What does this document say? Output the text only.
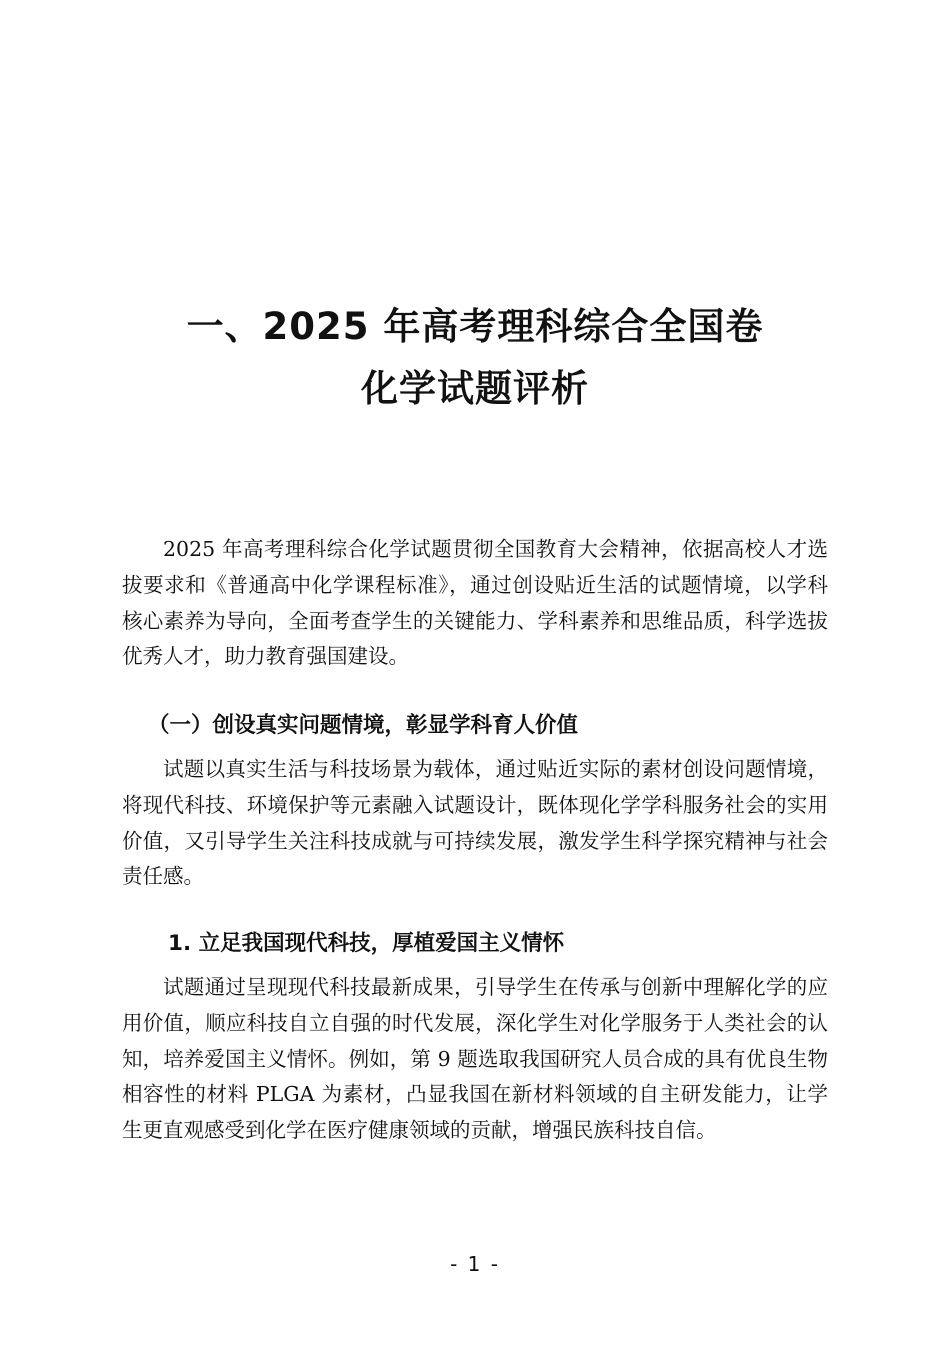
一、2025 年高考理科综合全国卷
化学试题评析

2025 年高考理科综合化学试题贯彻全国教育大会精神，依据高校人才选拔要求和《普通高中化学课程标准》，通过创设贴近生活的试题情境，以学科核心素养为导向，全面考查学生的关键能力、学科素养和思维品质，科学选拔优秀人才，助力教育强国建设。

（一）创设真实问题情境，彰显学科育人价值

试题以真实生活与科技场景为载体，通过贴近实际的素材创设问题情境，将现代科技、环境保护等元素融入试题设计，既体现化学学科服务社会的实用价值，又引导学生关注科技成就与可持续发展，激发学生科学探究精神与社会责任感。

1. 立足我国现代科技，厚植爱国主义情怀

试题通过呈现现代科技最新成果，引导学生在传承与创新中理解化学的应用价值，顺应科技自立自强的时代发展，深化学生对化学服务于人类社会的认知，培养爱国主义情怀。例如，第 9 题选取我国研究人员合成的具有优良生物相容性的材料 PLGA 为素材，凸显我国在新材料领域的自主研发能力，让学生更直观感受到化学在医疗健康领域的贡献，增强民族科技自信。

- 1 -
